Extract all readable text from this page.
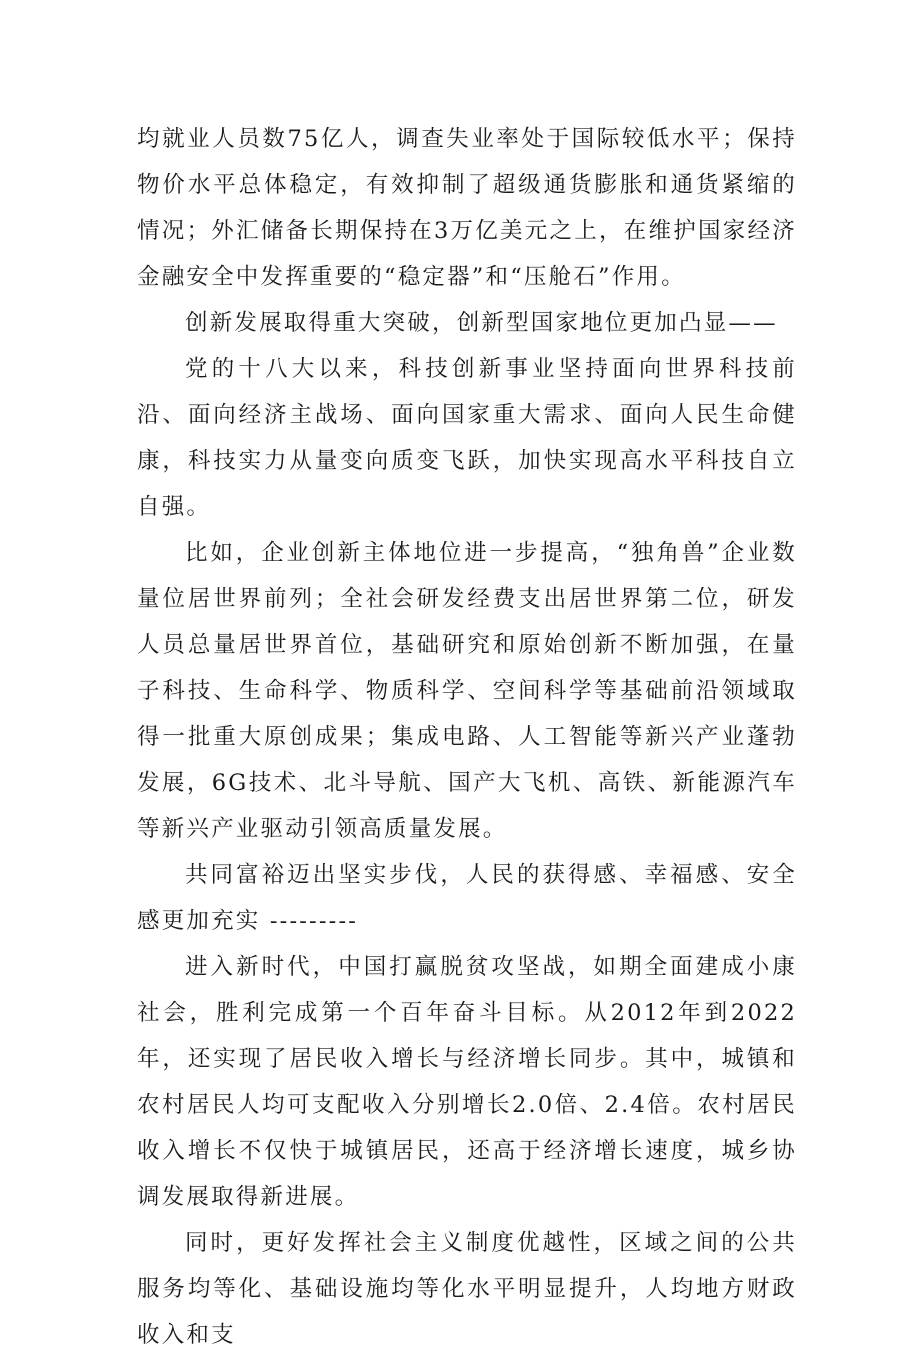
均就业人员数75亿人，调查失业率处于国际较低水平；保持物价水平总体稳定，有效抑制了超级通货膨胀和通货紧缩的情况；外汇储备长期保持在3万亿美元之上，在维护国家经济金融安全中发挥重要的“稳定器”和“压舱石”作用。

创新发展取得重大突破，创新型国家地位更加凸显——

党的十八大以来，科技创新事业坚持面向世界科技前沿、面向经济主战场、面向国家重大需求、面向人民生命健康，科技实力从量变向质变飞跃，加快实现高水平科技自立自强。

比如，企业创新主体地位进一步提高，“独角兽”企业数量位居世界前列；全社会研发经费支出居世界第二位，研发人员总量居世界首位，基础研究和原始创新不断加强，在量子科技、生命科学、物质科学、空间科学等基础前沿领域取得一批重大原创成果；集成电路、人工智能等新兴产业蓬勃发展，6G技术、北斗导航、国产大飞机、高铁、新能源汽车等新兴产业驱动引领高质量发展。

共同富裕迈出坚实步伐，人民的获得感、幸福感、安全感更加充实 ---------

进入新时代，中国打赢脱贫攻坚战，如期全面建成小康社会，胜利完成第一个百年奋斗目标。从2012年到2022年，还实现了居民收入增长与经济增长同步。其中，城镇和农村居民人均可支配收入分别增长2.0倍、2.4倍。农村居民收入增长不仅快于城镇居民，还高于经济增长速度，城乡协调发展取得新进展。

同时，更好发挥社会主义制度优越性，区域之间的公共服务均等化、基础设施均等化水平明显提升，人均地方财政收入和支
